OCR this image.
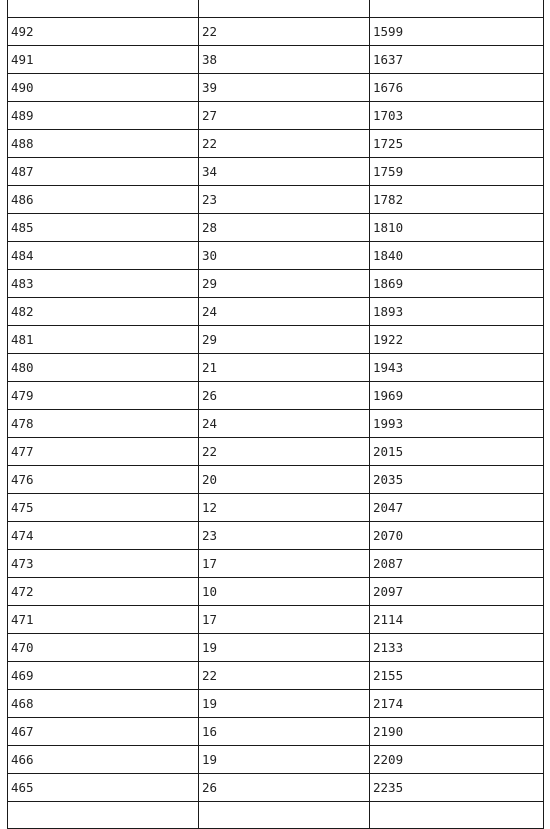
492	22	1599
491	38	1637
490	39	1676
489	27	1703
488	22	1725
487	34	1759
486	23	1782
485	28	1810
484	30	1840
483	29	1869
482	24	1893
481	29	1922
480	21	1943
479	26	1969
478	24	1993
477	22	2015
476	20	2035
475	12	2047
474	23	2070
473	17	2087
472	10	2097
471	17	2114
470	19	2133
469	22	2155
468	19	2174
467	16	2190
466	19	2209
465	26	2235
